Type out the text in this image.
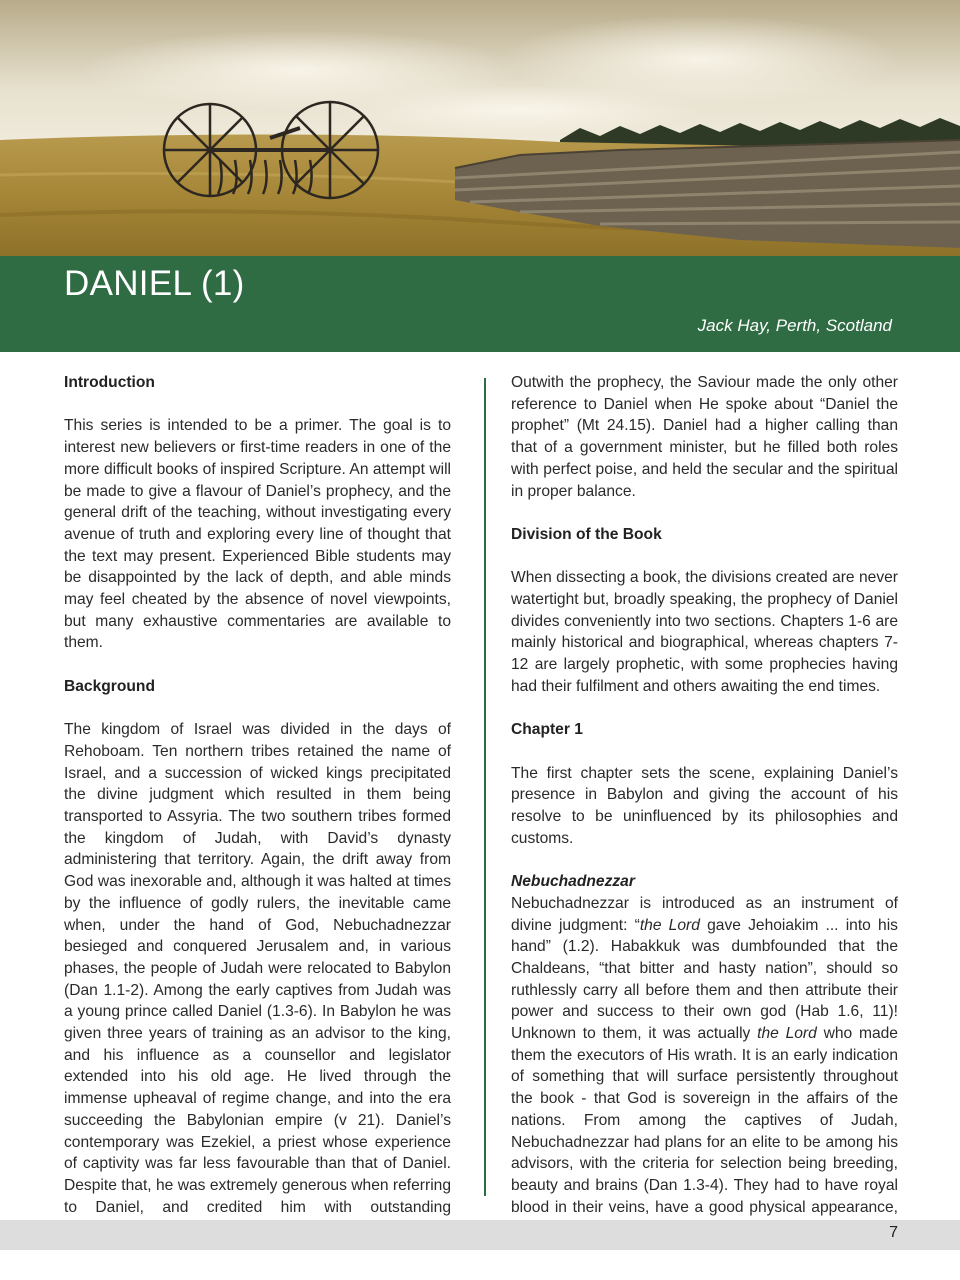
DANIEL (1)
Jack Hay, Perth, Scotland
Introduction

This series is intended to be a primer. The goal is to interest new believers or first-time readers in one of the more difficult books of inspired Scripture. An attempt will be made to give a flavour of Daniel’s prophecy, and the general drift of the teaching, without investigating every avenue of truth and exploring every line of thought that the text may present. Experienced Bible students may be disappointed by the lack of depth, and able minds may feel cheated by the absence of novel viewpoints, but many exhaustive commentaries are available to them.

Background

The kingdom of Israel was divided in the days of Rehoboam. Ten northern tribes retained the name of Israel, and a succession of wicked kings precipitated the divine judgment which resulted in them being transported to Assyria. The two southern tribes formed the kingdom of Judah, with David’s dynasty administering that territory. Again, the drift away from God was inexorable and, although it was halted at times by the influence of godly rulers, the inevitable came when, under the hand of God, Nebuchadnezzar besieged and conquered Jerusalem and, in various phases, the people of Judah were relocated to Babylon (Dan 1.1-2). Among the early captives from Judah was a young prince called Daniel (1.3-6). In Babylon he was given three years of training as an advisor to the king, and his influence as a counsellor and legislator extended into his old age. He lived through the immense upheaval of regime change, and into the era succeeding the Babylonian empire (v 21). Daniel’s contemporary was Ezekiel, a priest whose experience of captivity was far less favourable than that of Daniel. Despite that, he was extremely generous when referring to Daniel, and credited him with outstanding

Outwith the prophecy, the Saviour made the only other reference to Daniel when He spoke about “Daniel the prophet” (Mt 24.15). Daniel had a higher calling than that of a government minister, but he filled both roles with perfect poise, and held the secular and the spiritual in proper balance.

Division of the Book

When dissecting a book, the divisions created are never watertight but, broadly speaking, the prophecy of Daniel divides conveniently into two sections. Chapters 1-6 are mainly historical and biographical, whereas chapters 7-12 are largely prophetic, with some prophecies having had their fulfilment and others awaiting the end times.

Chapter 1

The first chapter sets the scene, explaining Daniel’s presence in Babylon and giving the account of his resolve to be uninfluenced by its philosophies and customs.

Nebuchadnezzar

Nebuchadnezzar is introduced as an instrument of divine judgment: “the Lord gave Jehoiakim ... into his hand” (1.2). Habakkuk was dumbfounded that the Chaldeans, “that bitter and hasty nation”, should so ruthlessly carry all before them and then attribute their power and success to their own god (Hab 1.6, 11)! Unknown to them, it was actually the Lord who made them the executors of His wrath. It is an early indication of something that will surface persistently throughout the book - that God is sovereign in the affairs of the nations. From among the captives of Judah, Nebuchadnezzar had plans for an elite to be among his advisors, with the criteria for selection being breeding, beauty and brains (Dan 1.3-4). They had to have royal blood in their veins, have a good physical appearance,

7
